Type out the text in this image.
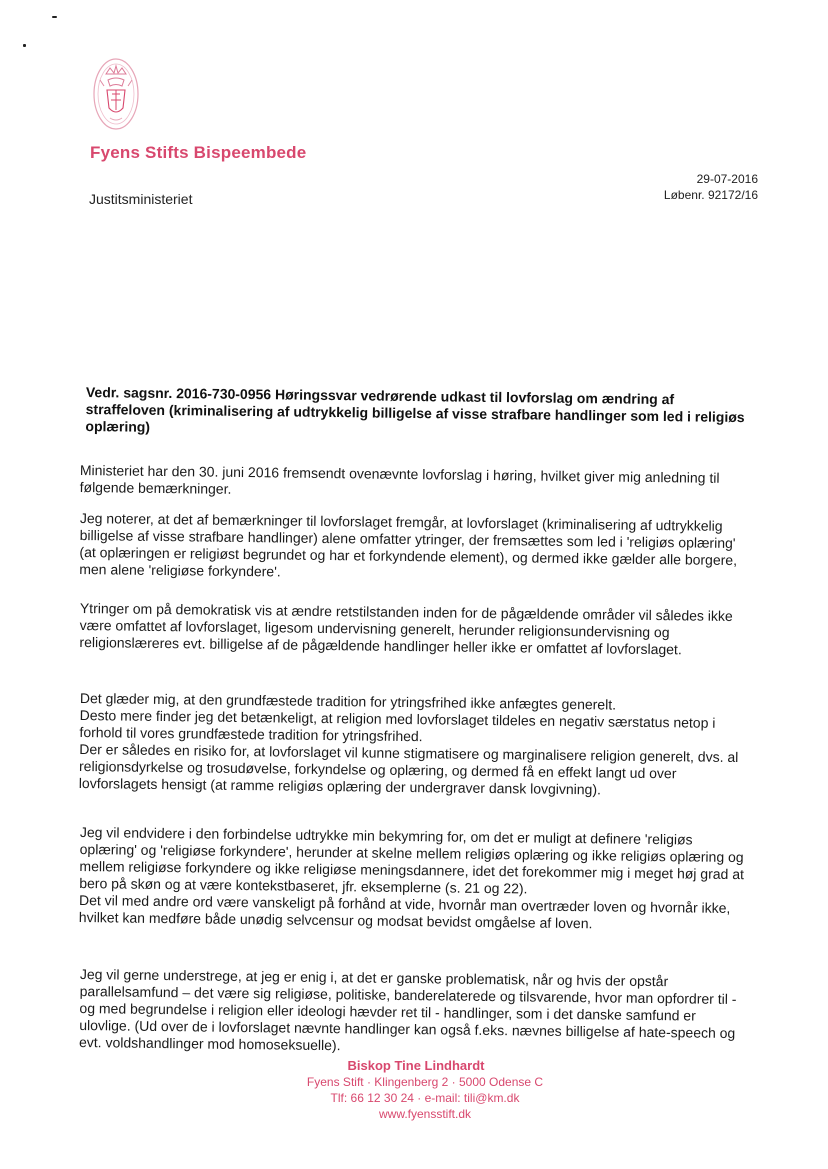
Fyens Stifts Bispeembede
29-07-2016
Løbenr. 92172/16
Justitsministeriet
Vedr. sagsnr. 2016-730-0956 Høringssvar vedrørende udkast til lovforslag om ændring af straffeloven (kriminalisering af udtrykkelig billigelse af visse strafbare handlinger som led i religiøs oplæring)

Ministeriet har den 30. juni 2016 fremsendt ovenævnte lovforslag i høring, hvilket giver mig anledning til følgende bemærkninger.

Jeg noterer, at det af bemærkninger til lovforslaget fremgår, at lovforslaget (kriminalisering af udtrykkelig billigelse af visse strafbare handlinger) alene omfatter ytringer, der fremsættes som led i 'religiøs oplæring' (at oplæringen er religiøst begrundet og har et forkyndende element), og dermed ikke gælder alle borgere, men alene 'religiøse forkyndere'.

Ytringer om på demokratisk vis at ændre retstilstanden inden for de pågældende områder vil således ikke være omfattet af lovforslaget, ligesom undervisning generelt, herunder religionsundervisning og religionslæreres evt. billigelse af de pågældende handlinger heller ikke er omfattet af lovforslaget.

Det glæder mig, at den grundfæstede tradition for ytringsfrihed ikke anfægtes generelt.
Desto mere finder jeg det betænkeligt, at religion med lovforslaget tildeles en negativ særstatus netop i forhold til vores grundfæstede tradition for ytringsfrihed.
Der er således en risiko for, at lovforslaget vil kunne stigmatisere og marginalisere religion generelt, dvs. al religionsdyrkelse og trosudøvelse, forkyndelse og oplæring, og dermed få en effekt langt ud over lovforslagets hensigt (at ramme religiøs oplæring der undergraver dansk lovgivning).
Jeg vil endvidere i den forbindelse udtrykke min bekymring for, om det er muligt at definere 'religiøs oplæring' og 'religiøse forkyndere', herunder at skelne mellem religiøs oplæring og ikke religiøs oplæring og mellem religiøse forkyndere og ikke religiøse meningsdannere, idet det forekommer mig i meget høj grad at bero på skøn og at være kontekstbaseret, jfr. eksemplerne (s. 21 og 22).
Det vil med andre ord være vanskeligt på forhånd at vide, hvornår man overtræder loven og hvornår ikke, hvilket kan medføre både unødig selvcensur og modsat bevidst omgåelse af loven.

Jeg vil gerne understrege, at jeg er enig i, at det er ganske problematisk, når og hvis der opstår parallelsamfund – det være sig religiøse, politiske, banderelaterede og tilsvarende, hvor man opfordrer til - og med begrundelse i religion eller ideologi hævder ret til - handlinger, som i det danske samfund er ulovlige. (Ud over de i lovforslaget nævnte handlinger kan også f.eks. nævnes billigelse af hate-speech og evt. voldshandlinger mod homoseksuelle).

Biskop Tine Lindhardt
Fyens Stift · Klingenberg 2 · 5000 Odense C
Tlf: 66 12 30 24 · e-mail: tili@km.dk
www.fyensstift.dk
